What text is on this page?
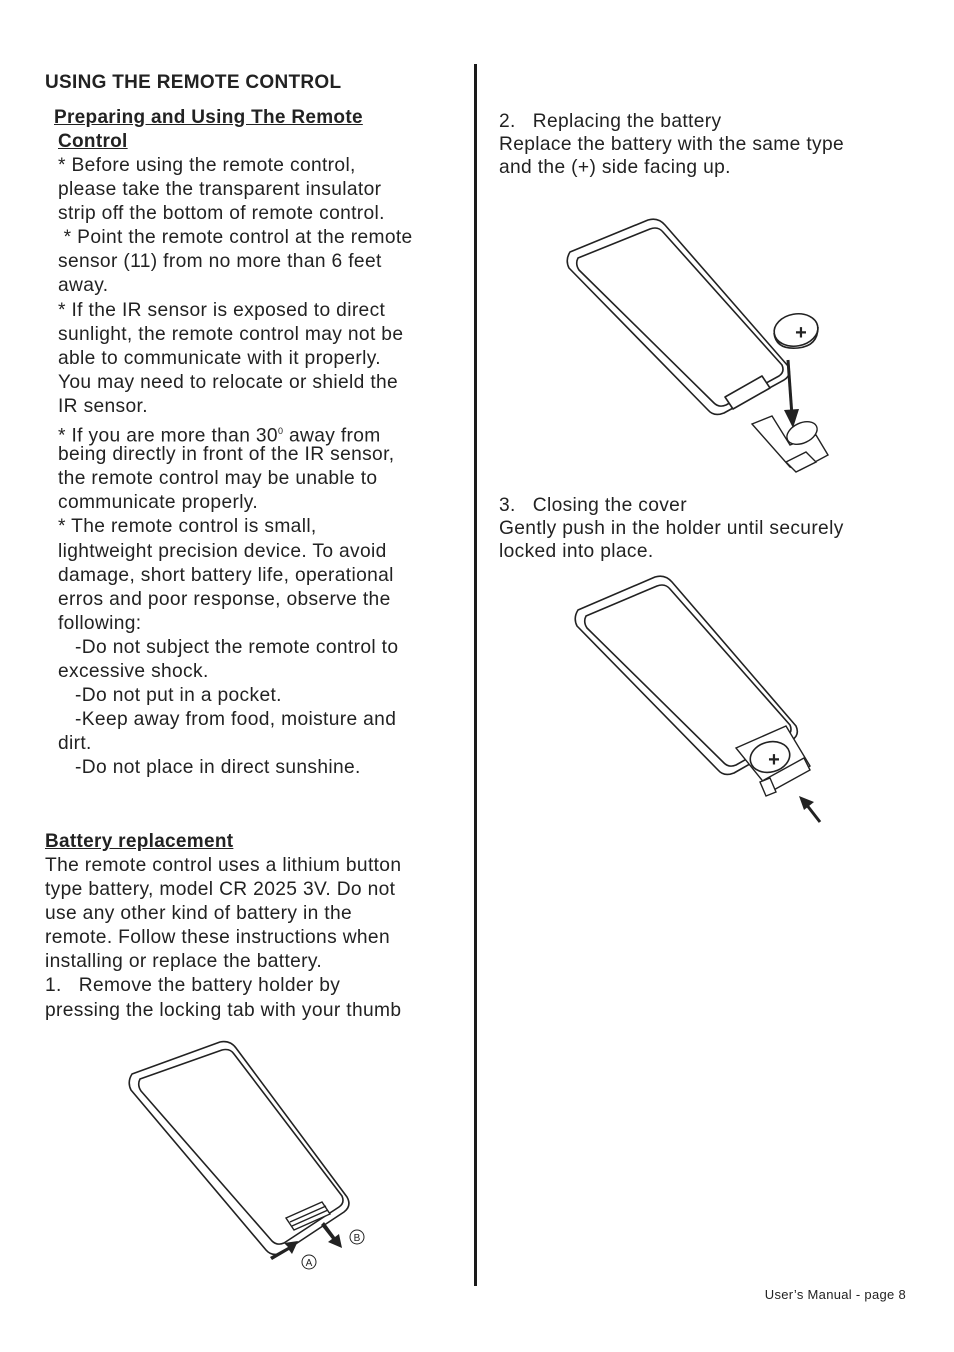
USING THE REMOTE CONTROL
Preparing and Using The Remote
Control
* Before using the remote control,
please take the transparent insulator
strip off the bottom of remote control.
* Point the remote control at the remote
sensor (11) from no more than 6 feet
away.
* If the IR sensor is exposed to direct
sunlight, the remote control may not be
able to communicate with it properly.
You may need to relocate or shield the
IR sensor.
* If you are more than $30^0$ away from
being directly in front of the IR sensor,
the remote control may be unable to
communicate properly.
* The remote control is small,
lightweight precision device. To avoid
damage, short battery life, operational
erros and poor response, observe the
following:
-Do not subject the remote control to
excessive shock.
-Do not put in a pocket.
-Keep away from food, moisture and
dirt.
-Do not place in direct sunshine.
Battery replacement
The remote control uses a lithium button
type battery, model CR 2025 3V. Do not
use any other kind of battery in the
remote. Follow these instructions when
installing or replace the battery.
1.   Remove the battery holder by
pressing the locking tab with your thumb
A
B
2.   Replacing the battery
Replace the battery with the same type
and the (+) side facing up.
+
3.   Closing the cover
Gently push in the holder until securely
locked into place.
+
User’s Manual - page 8
